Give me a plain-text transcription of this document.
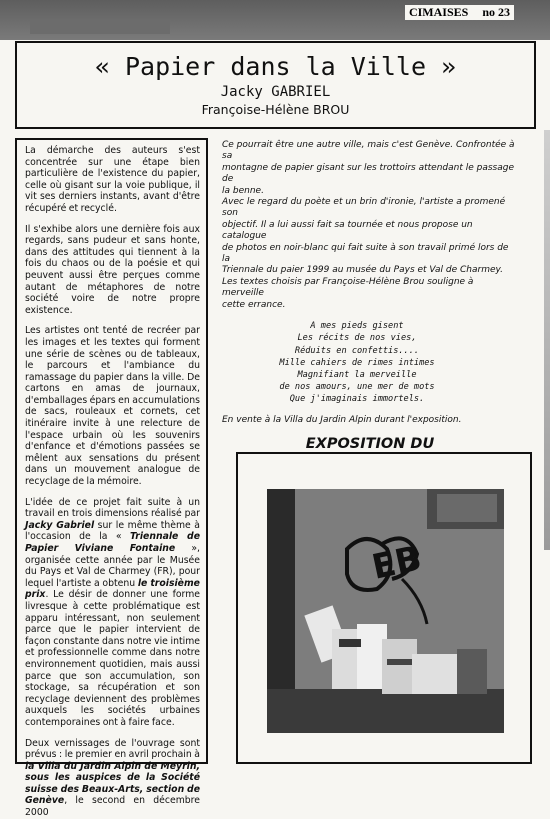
CIMAISES no 23
« Papier dans la Ville »
Jacky GABRIEL
Françoise-Hélène BROU

La démarche des auteurs s'est concentrée sur une étape bien particulière de l'existence du papier, celle où gisant sur la voie publique, il vit ses derniers instants, avant d'être récupéré et recyclé.

Il s'exhibe alors une dernière fois aux regards, sans pudeur et sans honte, dans des attitudes qui tiennent à la fois du chaos ou de la poésie et qui peuvent aussi être perçues comme autant de métaphores de notre société voire de notre propre existence.

Les artistes ont tenté de recréer par les images et les textes qui forment une série de scènes ou de tableaux, le parcours et l'ambiance du ramassage du papier dans la ville. De cartons en amas de journaux, d'emballages épars en accumulations de sacs, rouleaux et cornets, cet itinéraire invite à une relecture de l'espace urbain où les souvenirs d'enfance et d'émotions passées se mêlent aux sensations du présent dans un mouvement analogue de recyclage de la mémoire.

L'idée de ce projet fait suite à un travail en trois dimensions réalisé par Jacky Gabriel sur le même thème à l'occasion de la « Triennale de Papier Viviane Fontaine », organisée cette année par le Musée du Pays et Val de Charmey (FR), pour lequel l'artiste a obtenu le troisième prix. Le désir de donner une forme livresque à cette problématique est apparu intéressant, non seulement parce que le papier intervient de façon constante dans notre vie intime et professionnelle comme dans notre environnement quotidien, mais aussi parce que son accumulation, son stockage, sa récupération et son recyclage deviennent des problèmes auxquels les sociétés urbaines contemporaines ont à faire face.

Deux vernissages de l'ouvrage sont prévus : le premier en avril prochain à la Villa du Jardin Alpin de Meyrin, sous les auspices de la Société suisse des Beaux-Arts, section de Genève, le second en décembre 2000

Ce pourrait être une autre ville, mais c'est Genève. Confrontée à sa
montagne de papier gisant sur les trottoirs attendant le passage de
la benne.
Avec le regard du poète et un brin d'ironie, l'artiste a promené son
objectif. Il a lui aussi fait sa tournée et nous propose un catalogue
de photos en noir-blanc qui fait suite à son travail primé lors de la
Triennale du paier 1999 au musée du Pays et Val de Charmey.
Les textes choisis par Françoise-Hélène Brou souligne à merveille
cette errance.

A mes pieds gisent
Les récits de nos vies,
Réduits en confettis....
Mille cahiers de rimes intimes
Magnifiant la merveille
de nos amours, une mer de mots
Que j'imaginais immortels.
En vente à la Villa du Jardin Alpin durant l'exposition.
EXPOSITION DU
EB
